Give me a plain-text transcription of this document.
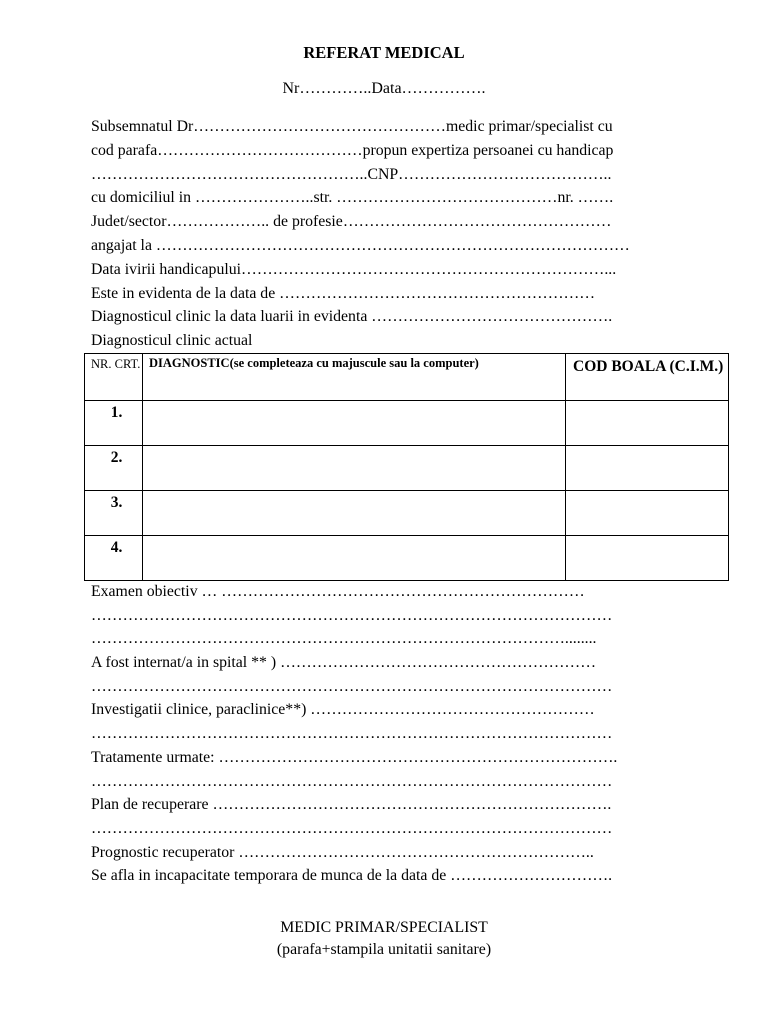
REFERAT MEDICAL
Nr…………..Data…………….
Subsemnatul Dr…………………………………………medic primar/specialist cu
cod parafa…………………………………propun expertiza persoanei cu handicap
……………………………………………..CNP…………………………………..
cu domiciliul in …………………..str. ……………………………………nr. …….
Judet/sector……………….. de profesie……………………………………………
angajat la ………………………………………………………………………………
Data ivirii handicapului……………………………………………………………...
Este in evidenta de la data de ……………………………………………………
Diagnosticul clinic la data luarii in evidenta ……………………………………….
Diagnosticul clinic actual
NR. CRT.	DIAGNOSTIC(se completeaza cu majuscule sau la computer)	COD BOALA (C.I.M.)
1.		
2.		
3.		
4.		
Examen obiectiv … ……………………………………………………………
………………………………………………………………………………………
………………………………………………………………………………........
A fost internat/a in spital ** ) ……………………………………………………
………………………………………………………………………………………
Investigatii clinice, paraclinice**) ………………………………………………
………………………………………………………………………………………
Tratamente urmate: ………………………………………………………………….
………………………………………………………………………………………
Plan de recuperare ………………………………………………………………….
………………………………………………………………………………………
Prognostic recuperator …………………………………………………………..
Se afla in incapacitate temporara de munca de la data de ………………………….
MEDIC PRIMAR/SPECIALIST
(parafa+stampila unitatii sanitare)
